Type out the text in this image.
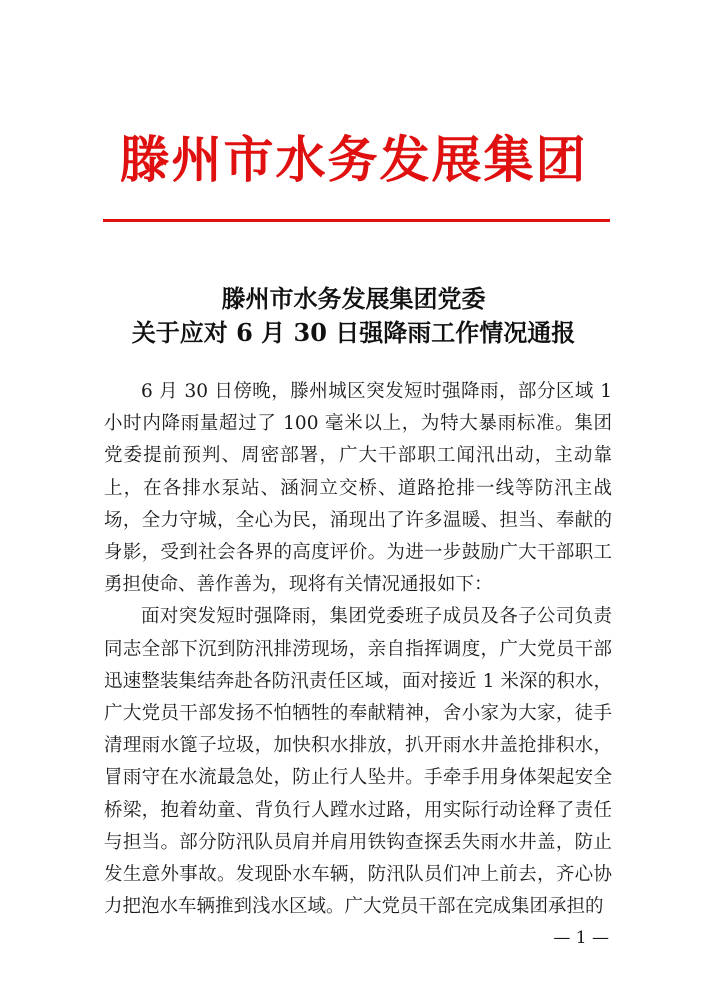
滕州市水务发展集团
滕州市水务发展集团党委
关于应对 6 月 30 日强降雨工作情况通报

6 月 30 日傍晚，滕州城区突发短时强降雨，部分区域 1 小时内降雨量超过了 100 毫米以上，为特大暴雨标准。集团党委提前预判、周密部署，广大干部职工闻汛出动，主动靠上，在各排水泵站、涵洞立交桥、道路抢排一线等防汛主战场，全力守城，全心为民，涌现出了许多温暖、担当、奉献的身影，受到社会各界的高度评价。为进一步鼓励广大干部职工勇担使命、善作善为，现将有关情况通报如下：

面对突发短时强降雨，集团党委班子成员及各子公司负责同志全部下沉到防汛排涝现场，亲自指挥调度，广大党员干部迅速整装集结奔赴各防汛责任区域，面对接近 1 米深的积水，广大党员干部发扬不怕牺牲的奉献精神，舍小家为大家，徒手清理雨水篦子垃圾，加快积水排放，扒开雨水井盖抢排积水，冒雨守在水流最急处，防止行人坠井。手牵手用身体架起安全桥梁，抱着幼童、背负行人蹚水过路，用实际行动诠释了责任与担当。部分防汛队员肩并肩用铁钩查探丢失雨水井盖，防止发生意外事故。发现卧水车辆，防汛队员们冲上前去，齐心协力把泡水车辆推到浅水区域。广大党员干部在完成集团承担的

— 1 —
